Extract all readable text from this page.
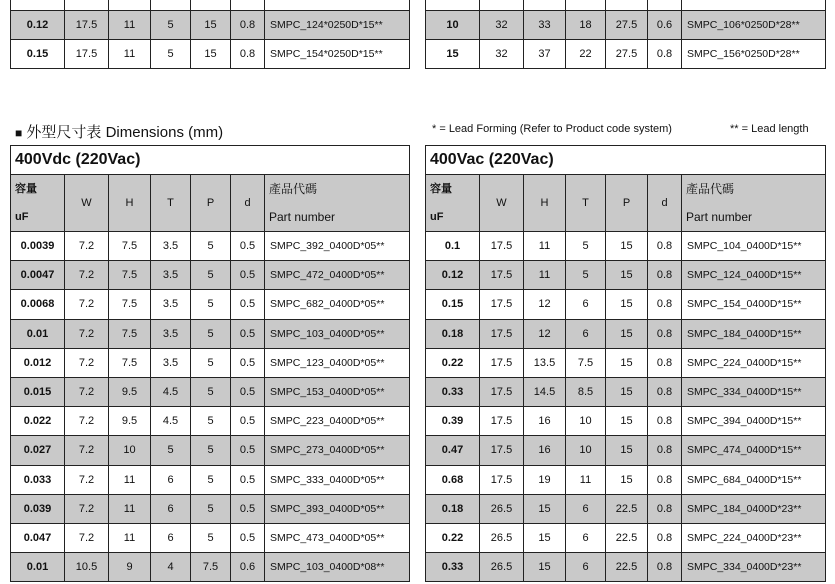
0.12	17.5	11	5	15	0.8	SMPC_124*0250D*15**
0.15	17.5	11	5	15	0.8	SMPC_154*0250D*15**

10	32	33	18	27.5	0.6	SMPC_106*0250D*28**
15	32	37	22	27.5	0.8	SMPC_156*0250D*28**
■ 外型尺寸表 Dimensions (mm)	* = Lead Forming (Refer to Product code system)	** = Lead length
400Vdc (220Vac)
容量
uF	W	H	T	P	d	產品代碼
Part number

0.0039	7.2	7.5	3.5	5	0.5	SMPC_392_0400D*05**
0.0047	7.2	7.5	3.5	5	0.5	SMPC_472_0400D*05**
0.0068	7.2	7.5	3.5	5	0.5	SMPC_682_0400D*05**
0.01	7.2	7.5	3.5	5	0.5	SMPC_103_0400D*05**
0.012	7.2	7.5	3.5	5	0.5	SMPC_123_0400D*05**
0.015	7.2	9.5	4.5	5	0.5	SMPC_153_0400D*05**
0.022	7.2	9.5	4.5	5	0.5	SMPC_223_0400D*05**
0.027	7.2	10	5	5	0.5	SMPC_273_0400D*05**
0.033	7.2	11	6	5	0.5	SMPC_333_0400D*05**
0.039	7.2	11	6	5	0.5	SMPC_393_0400D*05**
0.047	7.2	11	6	5	0.5	SMPC_473_0400D*05**
0.01	10.5	9	4	7.5	0.6	SMPC_103_0400D*08**
400Vac (220Vac)
容量
uF	W	H	T	P	d	產品代碼
Part number

0.1	17.5	11	5	15	0.8	SMPC_104_0400D*15**
0.12	17.5	11	5	15	0.8	SMPC_124_0400D*15**
0.15	17.5	12	6	15	0.8	SMPC_154_0400D*15**
0.18	17.5	12	6	15	0.8	SMPC_184_0400D*15**
0.22	17.5	13.5	7.5	15	0.8	SMPC_224_0400D*15**
0.33	17.5	14.5	8.5	15	0.8	SMPC_334_0400D*15**
0.39	17.5	16	10	15	0.8	SMPC_394_0400D*15**
0.47	17.5	16	10	15	0.8	SMPC_474_0400D*15**
0.68	17.5	19	11	15	0.8	SMPC_684_0400D*15**
0.18	26.5	15	6	22.5	0.8	SMPC_184_0400D*23**
0.22	26.5	15	6	22.5	0.8	SMPC_224_0400D*23**
0.33	26.5	15	6	22.5	0.8	SMPC_334_0400D*23**
